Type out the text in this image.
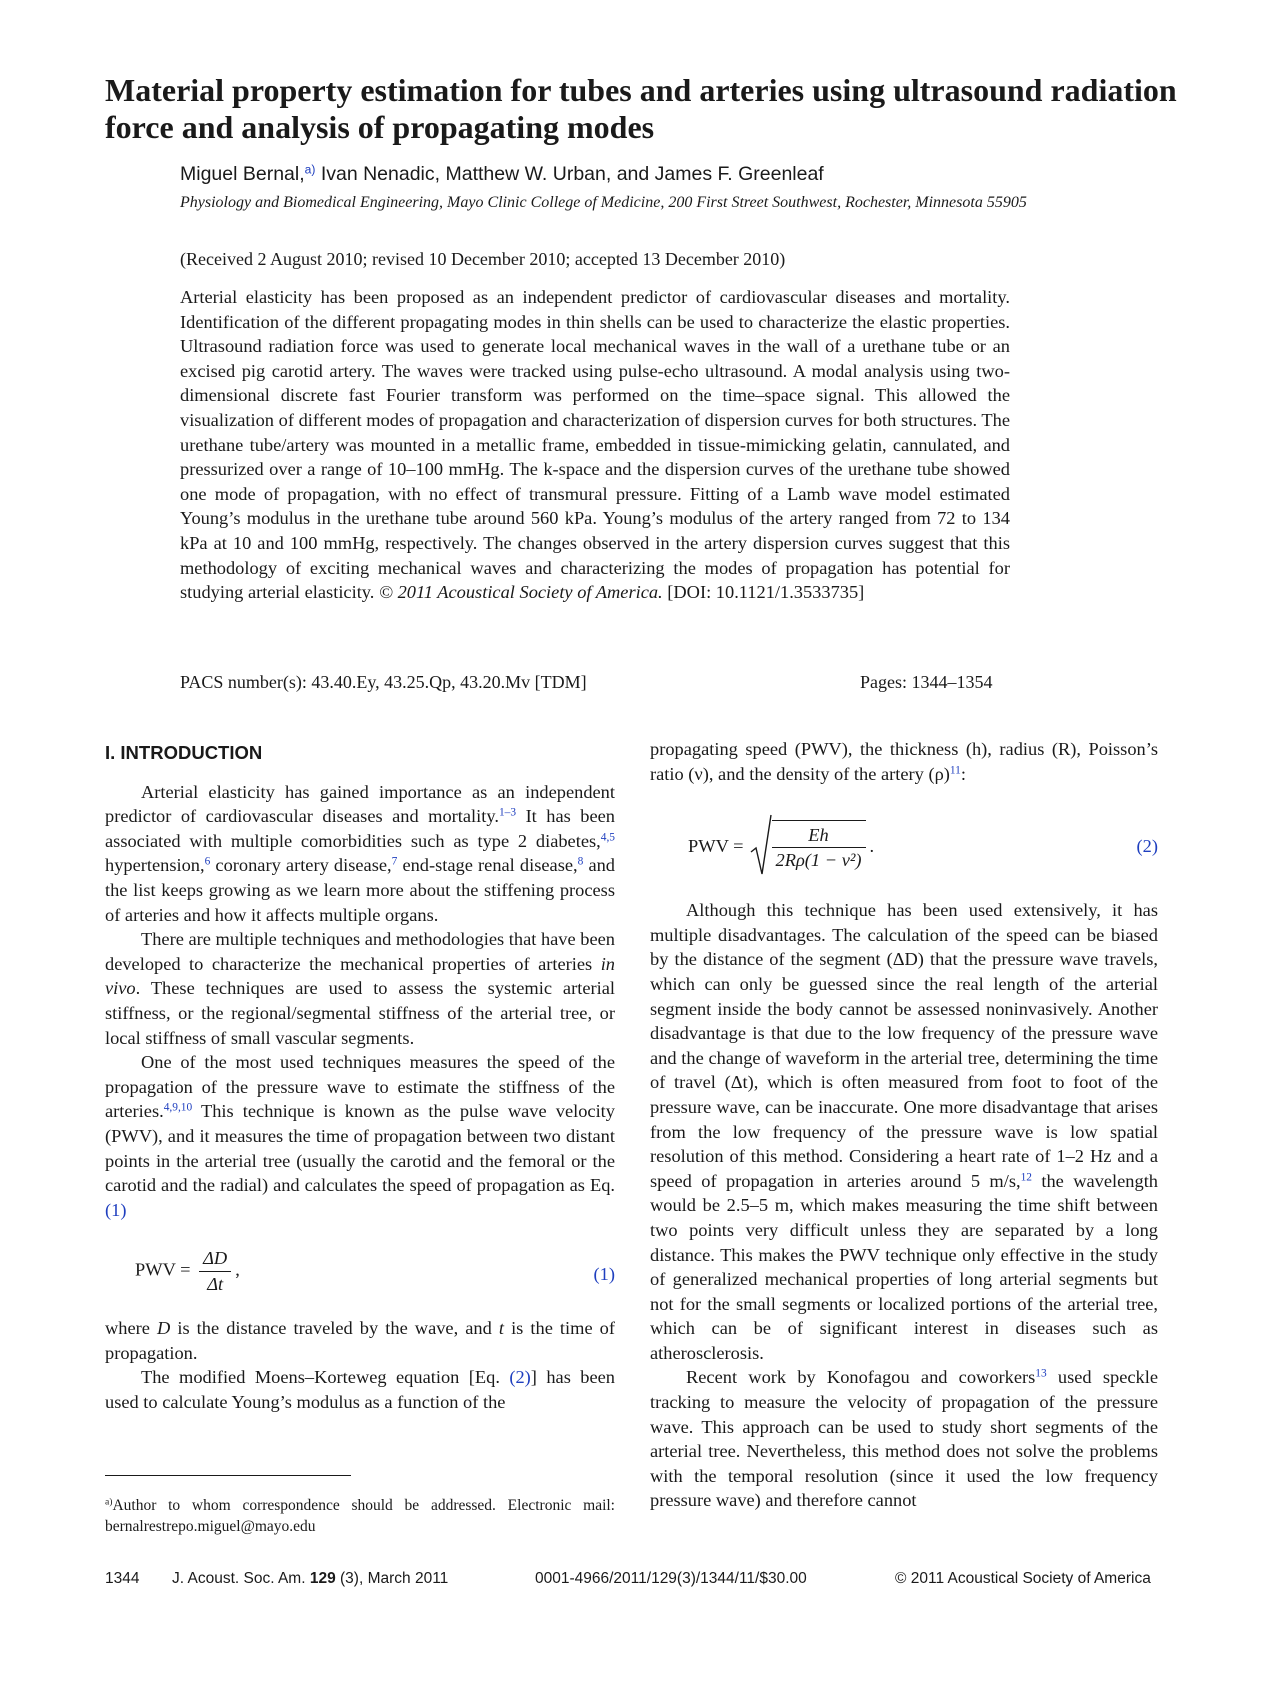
Material property estimation for tubes and arteries using ultrasound radiation force and analysis of propagating modes
Miguel Bernal,$^{a)}$ Ivan Nenadic, Matthew W. Urban, and James F. Greenleaf
Physiology and Biomedical Engineering, Mayo Clinic College of Medicine, 200 First Street Southwest, Rochester, Minnesota 55905
(Received 2 August 2010; revised 10 December 2010; accepted 13 December 2010)

Arterial elasticity has been proposed as an independent predictor of cardiovascular diseases and mortality. Identification of the different propagating modes in thin shells can be used to characterize the elastic properties. Ultrasound radiation force was used to generate local mechanical waves in the wall of a urethane tube or an excised pig carotid artery. The waves were tracked using pulse-echo ultrasound. A modal analysis using two-dimensional discrete fast Fourier transform was performed on the time–space signal. This allowed the visualization of different modes of propagation and characterization of dispersion curves for both structures. The urethane tube/artery was mounted in a metallic frame, embedded in tissue-mimicking gelatin, cannulated, and pressurized over a range of 10–100 mmHg. The k-space and the dispersion curves of the urethane tube showed one mode of propagation, with no effect of transmural pressure. Fitting of a Lamb wave model estimated Young’s modulus in the urethane tube around 560 kPa. Young’s modulus of the artery ranged from 72 to 134 kPa at 10 and 100 mmHg, respectively. The changes observed in the artery dispersion curves suggest that this methodology of exciting mechanical waves and characterizing the modes of propagation has potential for studying arterial elasticity. © 2011 Acoustical Society of America. [DOI: 10.1121/1.3533735]

PACS number(s): 43.40.Ey, 43.25.Qp, 43.20.Mv [TDM]	Pages: 1344–1354
I. INTRODUCTION

Arterial elasticity has gained importance as an independent predictor of cardiovascular diseases and mortality.$^{1-3}$ It has been associated with multiple comorbidities such as type 2 diabetes,$^{4,5}$ hypertension,$^6$ coronary artery disease,$^7$ end-stage renal disease,$^8$ and the list keeps growing as we learn more about the stiffening process of arteries and how it affects multiple organs.

There are multiple techniques and methodologies that have been developed to characterize the mechanical properties of arteries in vivo. These techniques are used to assess the systemic arterial stiffness, or the regional/segmental stiffness of the arterial tree, or local stiffness of small vascular segments.

One of the most used techniques measures the speed of the propagation of the pressure wave to estimate the stiffness of the arteries.$^{4,9,10}$ This technique is known as the pulse wave velocity (PWV), and it measures the time of propagation between two distant points in the arterial tree (usually the carotid and the femoral or the carotid and the radial) and calculates the speed of propagation as Eq. (1)

PWV = $\frac{\Delta D}{\Delta t}$ ,	(1)

where D is the distance traveled by the wave, and t is the time of propagation.

The modified Moens–Korteweg equation [Eq. (2)] has been used to calculate Young’s modulus as a function of the

$^{a)}$Author to whom correspondence should be addressed. Electronic mail: bernalrestrepo.miguel@mayo.edu

propagating speed (PWV), the thickness (h), radius (R), Poisson’s ratio (ν), and the density of the artery $(\rho)^{11}$:

PWV = $\frac{Eh}{\text{2Rρ(1 − ν²)}}$ .	(2)

Although this technique has been used extensively, it has multiple disadvantages. The calculation of the speed can be biased by the distance of the segment (ΔD) that the pressure wave travels, which can only be guessed since the real length of the arterial segment inside the body cannot be assessed noninvasively. Another disadvantage is that due to the low frequency of the pressure wave and the change of waveform in the arterial tree, determining the time of travel (Δt), which is often measured from foot to foot of the pressure wave, can be inaccurate. One more disadvantage that arises from the low frequency of the pressure wave is low spatial resolution of this method. Considering a heart rate of 1–2 Hz and a speed of propagation in arteries around 5 m/s,$^{12}$ the wavelength would be 2.5–5 m, which makes measuring the time shift between two points very difficult unless they are separated by a long distance. This makes the PWV technique only effective in the study of generalized mechanical properties of long arterial segments but not for the small segments or localized portions of the arterial tree, which can be of significant interest in diseases such as atherosclerosis.

Recent work by Konofagou and coworkers$^{13}$ used speckle tracking to measure the velocity of propagation of the pressure wave. This approach can be used to study short segments of the arterial tree. Nevertheless, this method does not solve the problems with the temporal resolution (since it used the low frequency pressure wave) and therefore cannot

1344 J. Acoust. Soc. Am. 129 (3), March 2011	0001-4966/2011/129(3)/1344/11/$30.00	© 2011 Acoustical Society of America
